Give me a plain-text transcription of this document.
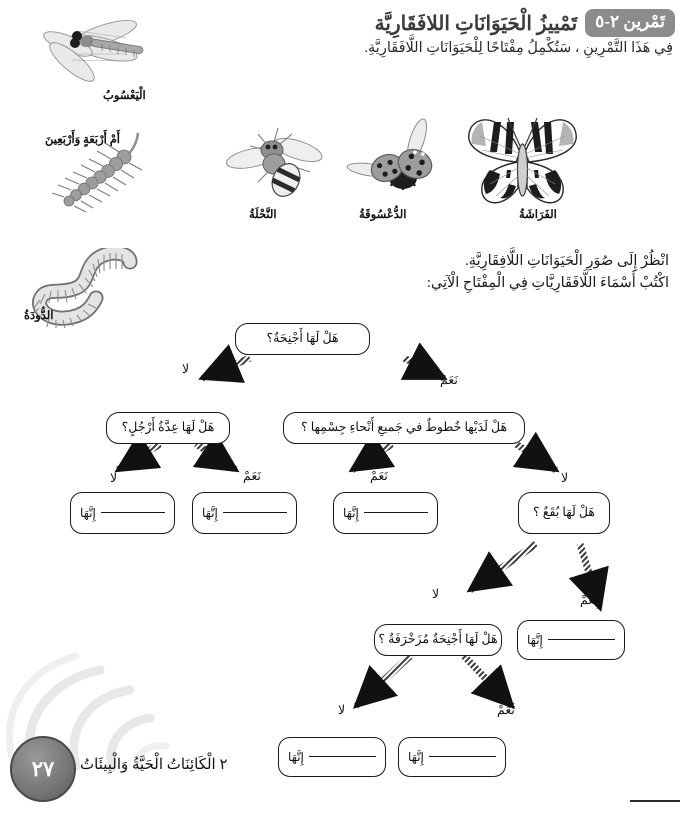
تَمْرين ٢-٥
تَمْييزُ الْحَيَوَانَاتِ اللافَقَارِيَّة
فِي هَذَا التَّمْرِينِ ، سَتُكْمِلُ مِفْتَاحًا لِلْحَيَوَانَاتِ اللَّافَقَارِيَّةِ.
الْيَعْسُوبُ
أَمْ أَرْبَعَةٍ وَأَرْبَعِينَ
النَّحْلَةُ	الدُّعْسُوقَةُ	الفَرَاشَةُ
الدُّودَةُ
انْظُرْ إِلَى صُوَرِ الْحَيَوَانَاتِ اللَّافِقَارِيَّةِ.
اكْتُبْ أَسْمَاءَ اللَّافَقَارِيَّاتِ فِي الْمِفْتَاحِ الْآتِي:
هَلْ لَهَا أَجْنِحَةٌ؟
لا
نَعَمْ
هَلْ لَهَا عِدَّةُ أَرْجُلٍ؟	هَلْ لَدَيْها خُطوطٌ في جَميعِ أَنْحاءِ جِسْمِها ؟
لا	نَعَمْ	نَعَمْ	لا
إِنَّهَا	إِنَّهَا	إِنَّهَا	هَلْ لَهَا بُقَعٌ ؟
لا	نَعَمْ
هَلْ لَهَا أَجْنِحَةٌ مُزَخْرَفَةٌ ؟	إِنَّهَا
لا	نَعَمْ
إِنَّهَا	إِنَّهَا
٢٧	٢ الْكَائِنَاتُ الْحَيَّةُ وَالْبِيئَاتُ
